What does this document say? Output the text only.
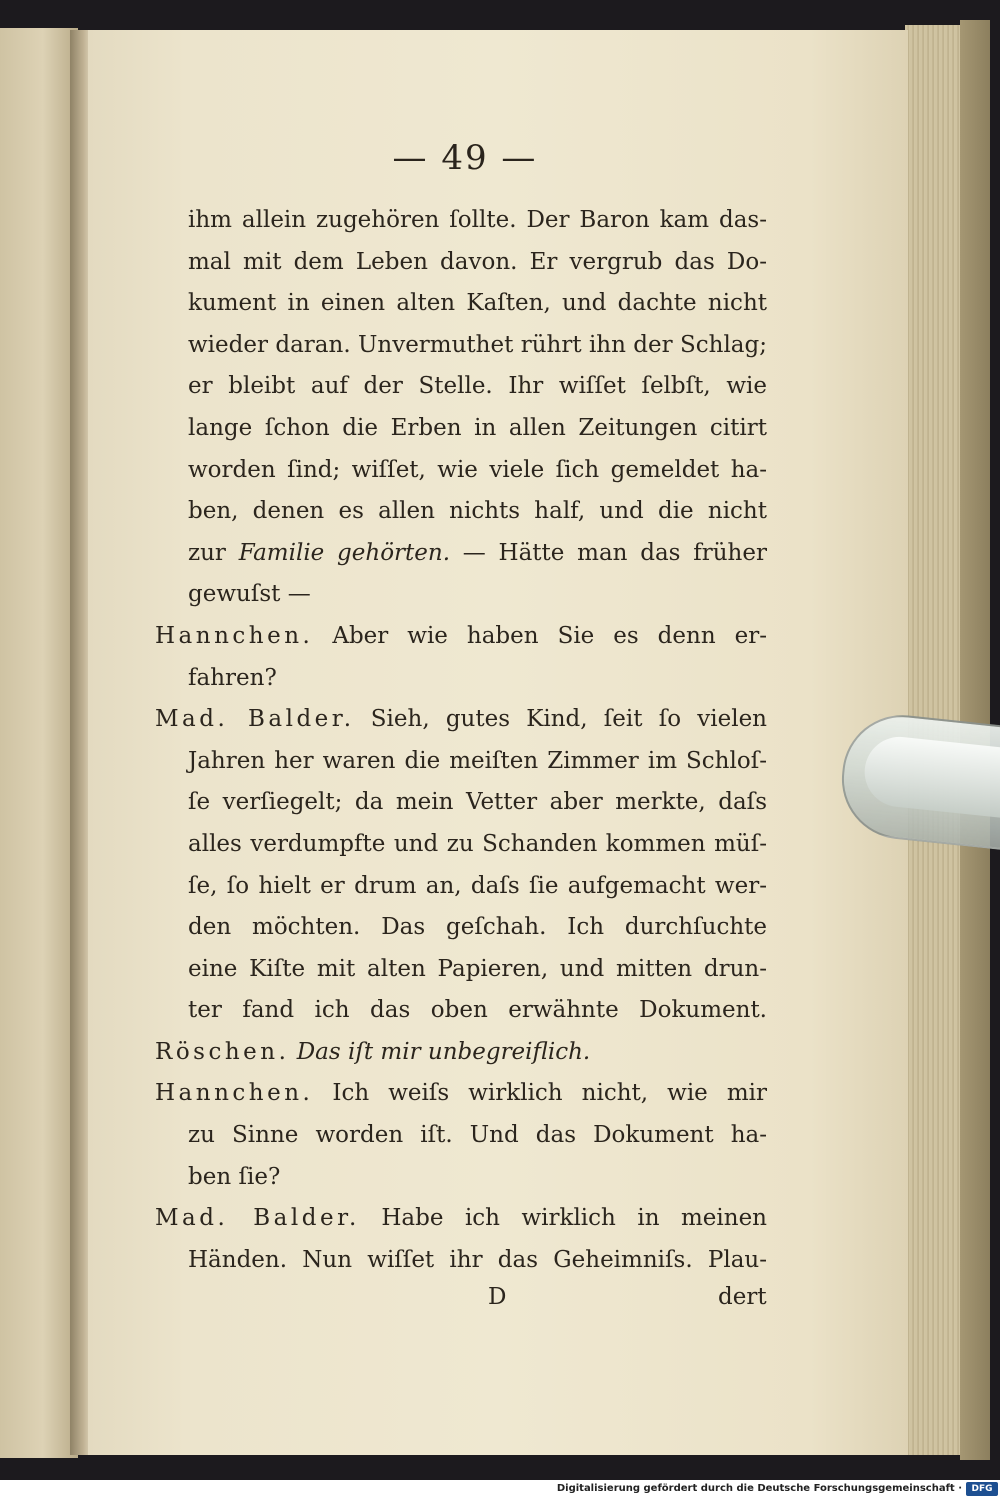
— 49 —
ihm allein zugehören ſollte. Der Baron kam das-
mal mit dem Leben davon. Er vergrub das Do-
kument in einen alten Kaſten, und dachte nicht
wieder daran. Unvermuthet rührt ihn der Schlag;
er bleibt auf der Stelle. Ihr wiſſet ſelbſt, wie
lange ſchon die Erben in allen Zeitungen citirt
worden ſind; wiſſet, wie viele ſich gemeldet ha-
ben, denen es allen nichts half, und die nicht
zur Familie gehörten. — Hätte man das früher
gewuſst —
Hannchen. Aber wie haben Sie es denn er-
fahren?
Mad. Balder. Sieh, gutes Kind, ſeit ſo vielen
Jahren her waren die meiſten Zimmer im Schloſ-
ſe verſiegelt; da mein Vetter aber merkte, daſs
alles verdumpfte und zu Schanden kommen müſ-
ſe, ſo hielt er drum an, daſs ſie aufgemacht wer-
den möchten. Das geſchah. Ich durchſuchte
eine Kiſte mit alten Papieren, und mitten drun-
ter fand ich das oben erwähnte Dokument.
Röschen. Das iſt mir unbegreiflich.
Hannchen. Ich weiſs wirklich nicht, wie mir
zu Sinne worden iſt. Und das Dokument ha-
ben ſie?
Mad. Balder. Habe ich wirklich in meinen
Händen. Nun wiſſet ihr das Geheimniſs. Plau-
D	dert
Digitalisierung gefördert durch die Deutsche Forschungsgemeinschaft ·	DFG
